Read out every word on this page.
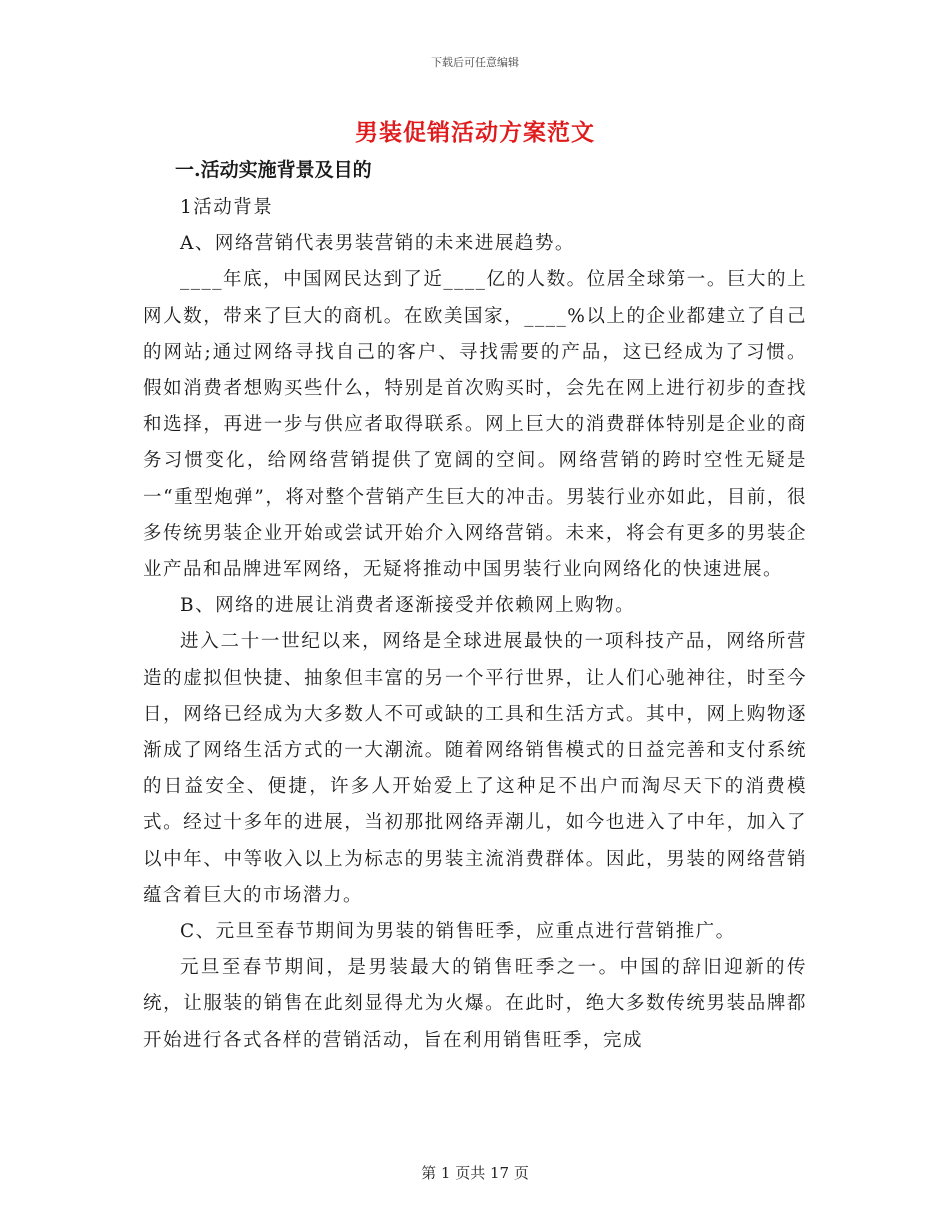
下载后可任意编辑
男装促销活动方案范文
一.活动实施背景及目的

1活动背景

A、网络营销代表男装营销的未来进展趋势。

____年底，中国网民达到了近____亿的人数。位居全球第一。巨大的上网人数，带来了巨大的商机。在欧美国家，____%以上的企业都建立了自己的网站;通过网络寻找自己的客户、寻找需要的产品，这已经成为了习惯。假如消费者想购买些什么，特别是首次购买时，会先在网上进行初步的查找和选择，再进一步与供应者取得联系。网上巨大的消费群体特别是企业的商务习惯变化，给网络营销提供了宽阔的空间。网络营销的跨时空性无疑是一“重型炮弹”，将对整个营销产生巨大的冲击。男装行业亦如此，目前，很多传统男装企业开始或尝试开始介入网络营销。未来，将会有更多的男装企业产品和品牌进军网络，无疑将推动中国男装行业向网络化的快速进展。

B、网络的进展让消费者逐渐接受并依赖网上购物。

进入二十一世纪以来，网络是全球进展最快的一项科技产品，网络所营造的虚拟但快捷、抽象但丰富的另一个平行世界，让人们心驰神往，时至今日，网络已经成为大多数人不可或缺的工具和生活方式。其中，网上购物逐渐成了网络生活方式的一大潮流。随着网络销售模式的日益完善和支付系统的日益安全、便捷，许多人开始爱上了这种足不出户而淘尽天下的消费模式。经过十多年的进展，当初那批网络弄潮儿，如今也进入了中年，加入了以中年、中等收入以上为标志的男装主流消费群体。因此，男装的网络营销蕴含着巨大的市场潜力。

C、元旦至春节期间为男装的销售旺季，应重点进行营销推广。

元旦至春节期间，是男装最大的销售旺季之一。中国的辞旧迎新的传统，让服装的销售在此刻显得尤为火爆。在此时，绝大多数传统男装品牌都开始进行各式各样的营销活动，旨在利用销售旺季，完成

第 1 页共 17 页
